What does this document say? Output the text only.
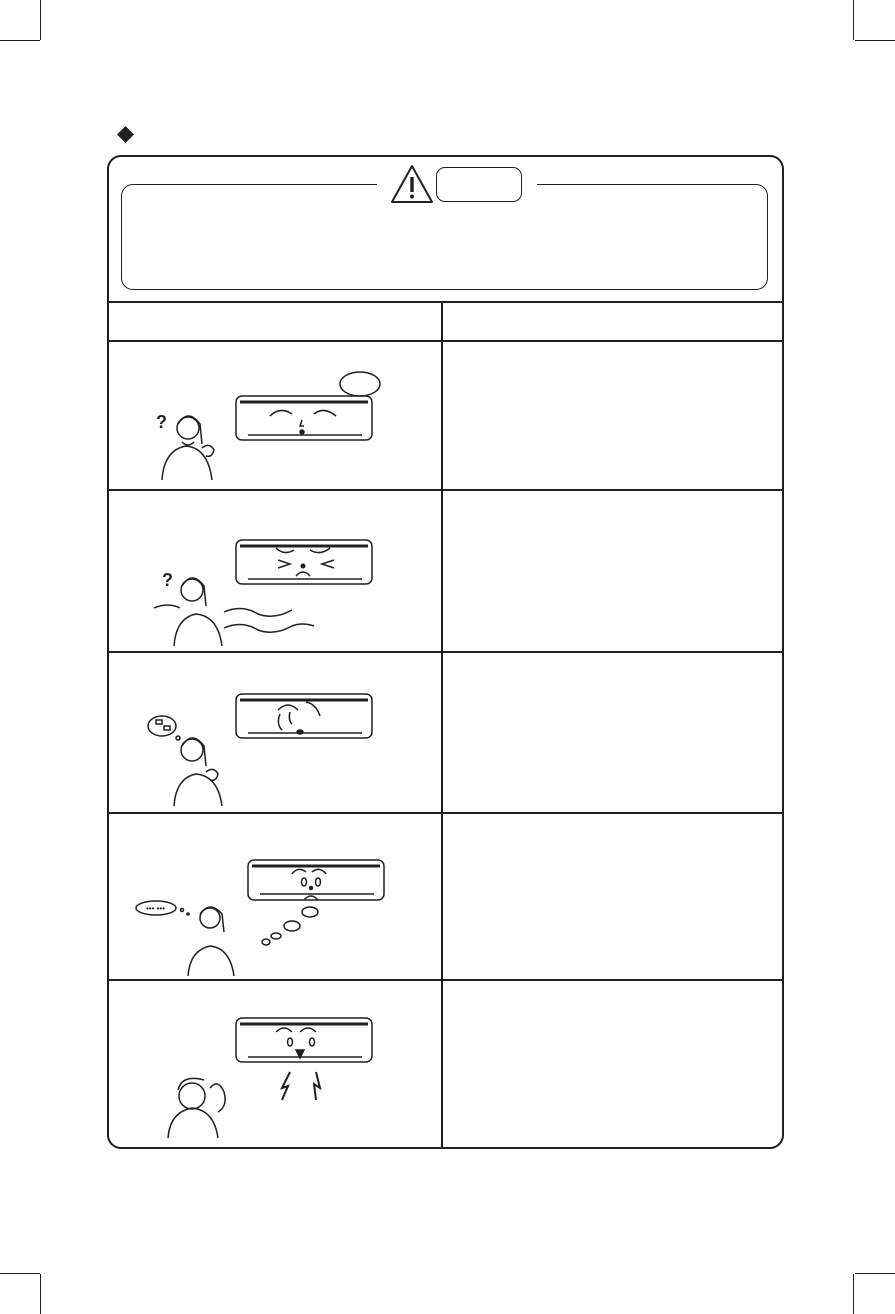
?
?
••• •••
